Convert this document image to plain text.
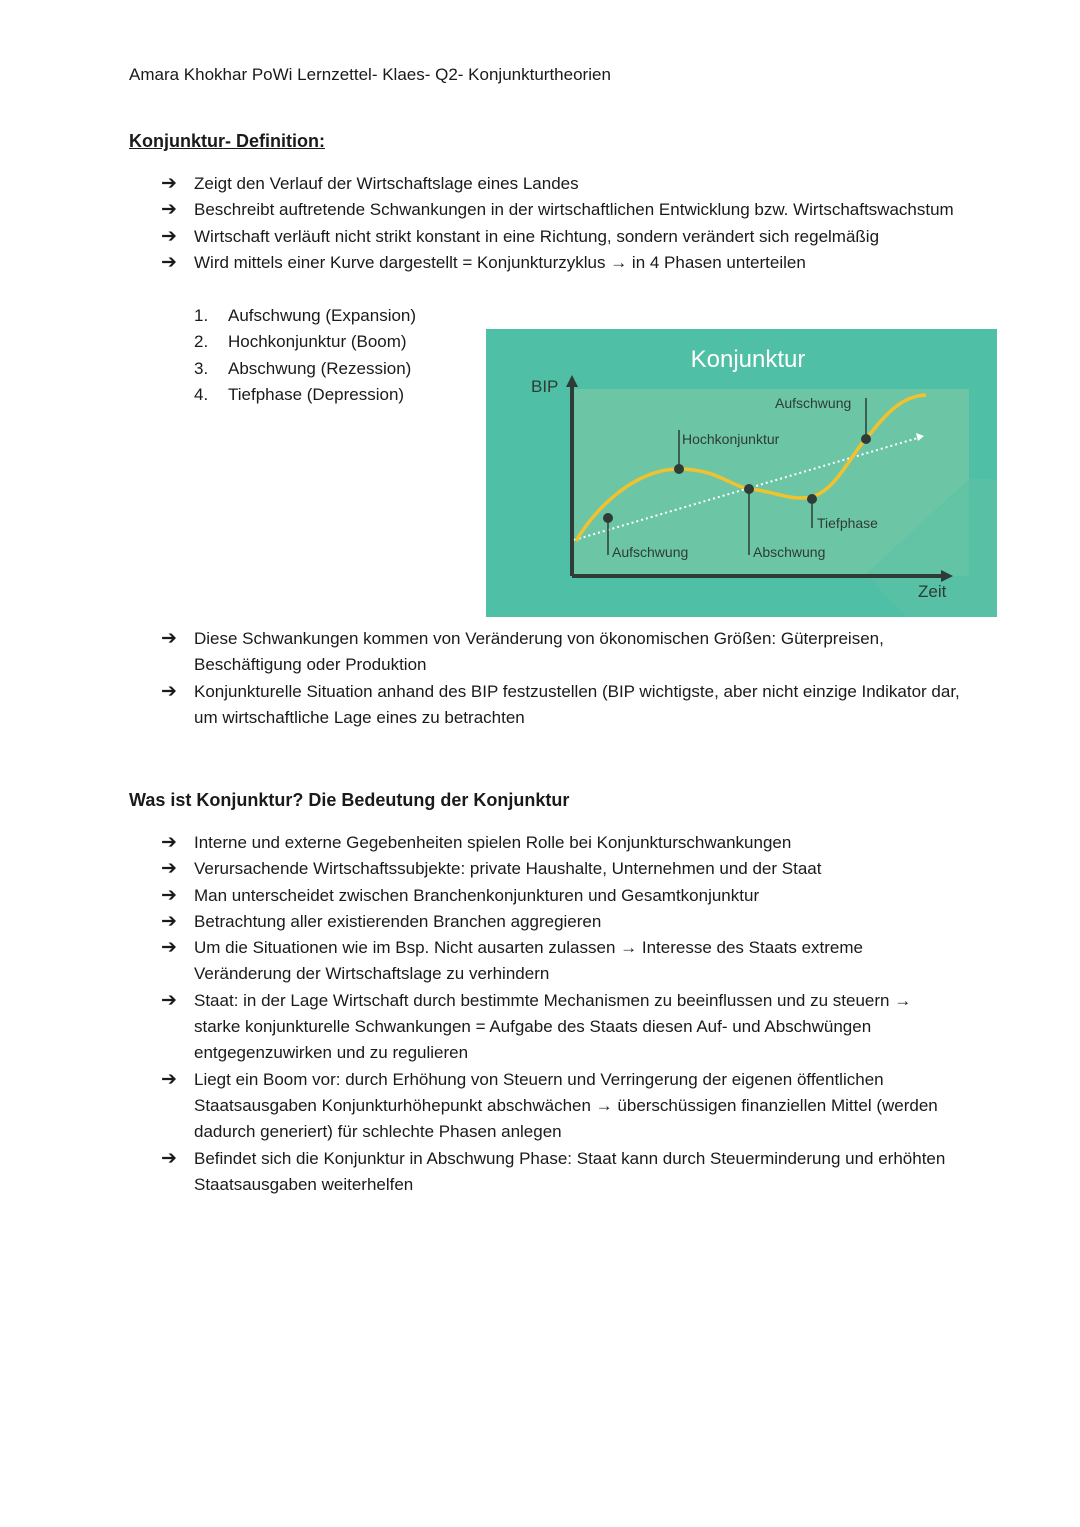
Amara Khokhar PoWi Lernzettel- Klaes- Q2- Konjunkturtheorien
Konjunktur- Definition:
➔ Zeigt den Verlauf der Wirtschaftslage eines Landes
➔ Beschreibt auftretende Schwankungen in der wirtschaftlichen Entwicklung bzw. Wirtschaftswachstum
➔ Wirtschaft verläuft nicht strikt konstant in eine Richtung, sondern verändert sich regelmäßig
➔ Wird mittels einer Kurve dargestellt = Konjunkturzyklus → in 4 Phasen unterteilen
1. Aufschwung (Expansion)
2. Hochkonjunktur (Boom)
3. Abschwung (Rezession)
4. Tiefphase (Depression)
Konjunktur
BIP
Zeit
Aufschwung
Hochkonjunktur
Tiefphase
Aufschwung	Abschwung
➔ Diese Schwankungen kommen von Veränderung von ökonomischen Größen: Güterpreisen, Beschäftigung oder Produktion
➔ Konjunkturelle Situation anhand des BIP festzustellen (BIP wichtigste, aber nicht einzige Indikator dar, um wirtschaftliche Lage eines zu betrachten
Was ist Konjunktur? Die Bedeutung der Konjunktur
➔ Interne und externe Gegebenheiten spielen Rolle bei Konjunkturschwankungen
➔ Verursachende Wirtschaftssubjekte: private Haushalte, Unternehmen und der Staat
➔ Man unterscheidet zwischen Branchenkonjunkturen und Gesamtkonjunktur
➔ Betrachtung aller existierenden Branchen aggregieren
➔ Um die Situationen wie im Bsp. Nicht ausarten zulassen → Interesse des Staats extreme Veränderung der Wirtschaftslage zu verhindern
➔ Staat: in der Lage Wirtschaft durch bestimmte Mechanismen zu beeinflussen und zu steuern → starke konjunkturelle Schwankungen = Aufgabe des Staats diesen Auf- und Abschwüngen entgegenzuwirken und zu regulieren
➔ Liegt ein Boom vor: durch Erhöhung von Steuern und Verringerung der eigenen öffentlichen Staatsausgaben Konjunkturhöhepunkt abschwächen → überschüssigen finanziellen Mittel (werden dadurch generiert) für schlechte Phasen anlegen
➔ Befindet sich die Konjunktur in Abschwung Phase: Staat kann durch Steuerminderung und erhöhten Staatsausgaben weiterhelfen
